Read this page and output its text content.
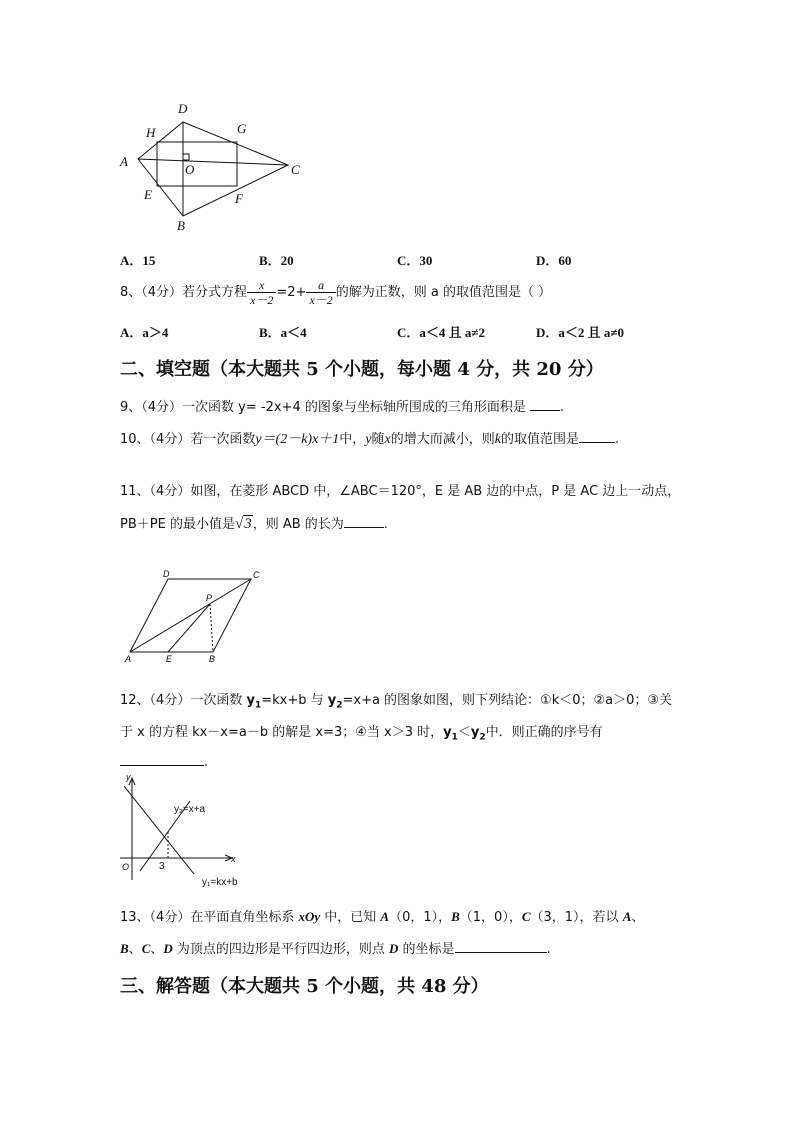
D
H	G
A
O	C
E	F
B
A．15	B．20	C．30	D．60
8、（4分）若分式方程 $\frac{x}{x-2} =2+ \frac{a}{x-2}$ 的解为正数，则 a 的取值范围是（ ）
A．a＞4	B．a＜4	C．a＜4 且 a≠2	D．a＜2 且 a≠0
二、填空题（本大题共 5 个小题，每小题 4 分，共 20 分）
9、（4分）一次函数 y= -2x+4 的图象与坐标轴所围成的三角形面积是	.
10、（4分）若一次函数y＝(2－k)x＋1中，y随x的增大而减小，则k的取值范围是	.
11、（4分）如图，在菱形 ABCD 中，∠ABC＝120°，E 是 AB 边的中点，P 是 AC 边上一动点，
PB＋PE 的最小值是√3，则 AB 的长为	.
D	C
P
A	E	B
12、（4分）一次函数 $y_1=kx+b$ 与 $y_2=x+a$ 的图象如图，则下列结论：①k＜0；②a＞0；③关
于 x 的方程 kx－x=a－b 的解是 x=3；④当 x＞3 时，$y_1<y_2$中．则正确的序号有
.
y
x
O	3
y₂=x+a
y₁=kx+b
13、（4分）在平面直角坐标系 xOy 中，已知 A（0，1），B（1，0），C（3，1），若以 A、
B、C、D 为顶点的四边形是平行四边形，则点 D 的坐标是	.
三、解答题（本大题共 5 个小题，共 48 分）
